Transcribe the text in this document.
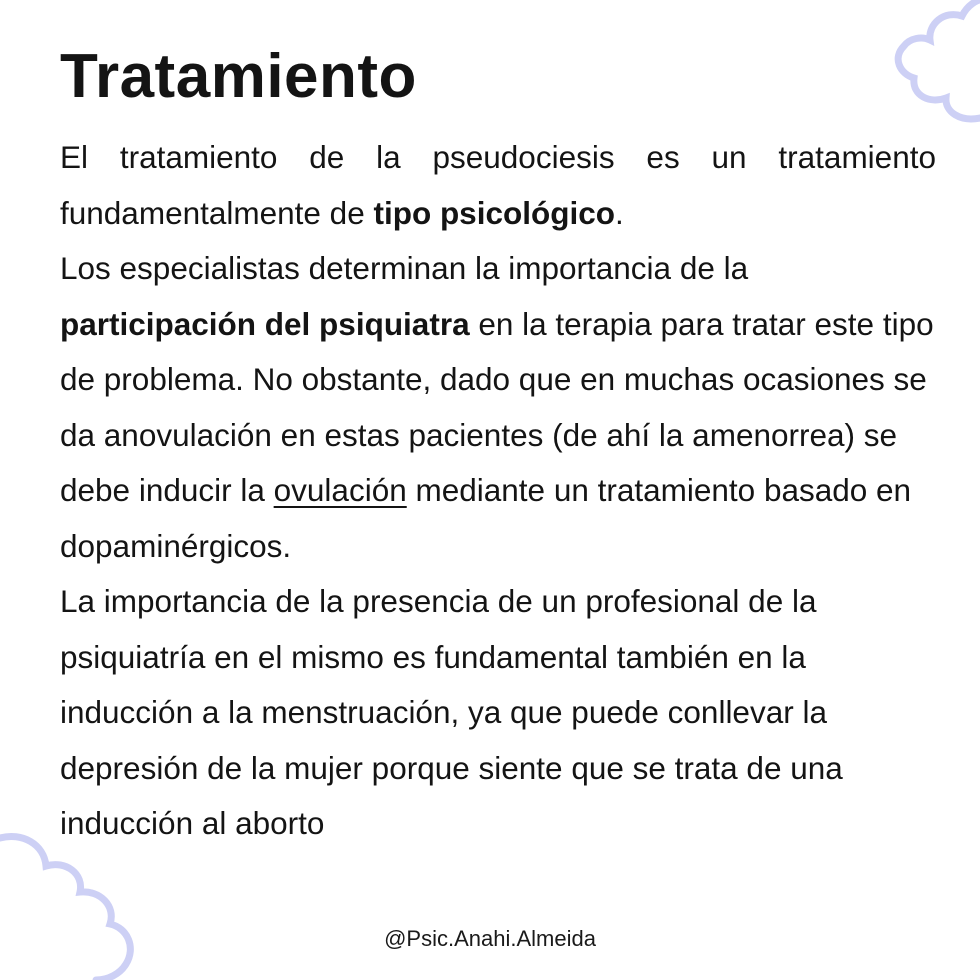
Tratamiento

El tratamiento de la pseudociesis es un tratamiento fundamentalmente de tipo psicológico.

Los especialistas determinan la importancia de la participación del psiquiatra en la terapia para tratar este tipo de problema. No obstante, dado que en muchas ocasiones se da anovulación en estas pacientes (de ahí la amenorrea) se debe inducir la ovulación mediante un tratamiento basado en dopaminérgicos.

La importancia de la presencia de un profesional de la psiquiatría en el mismo es fundamental también en la inducción a la menstruación, ya que puede conllevar la depresión de la mujer porque siente que se trata de una inducción al aborto

@Psic.Anahi.Almeida
